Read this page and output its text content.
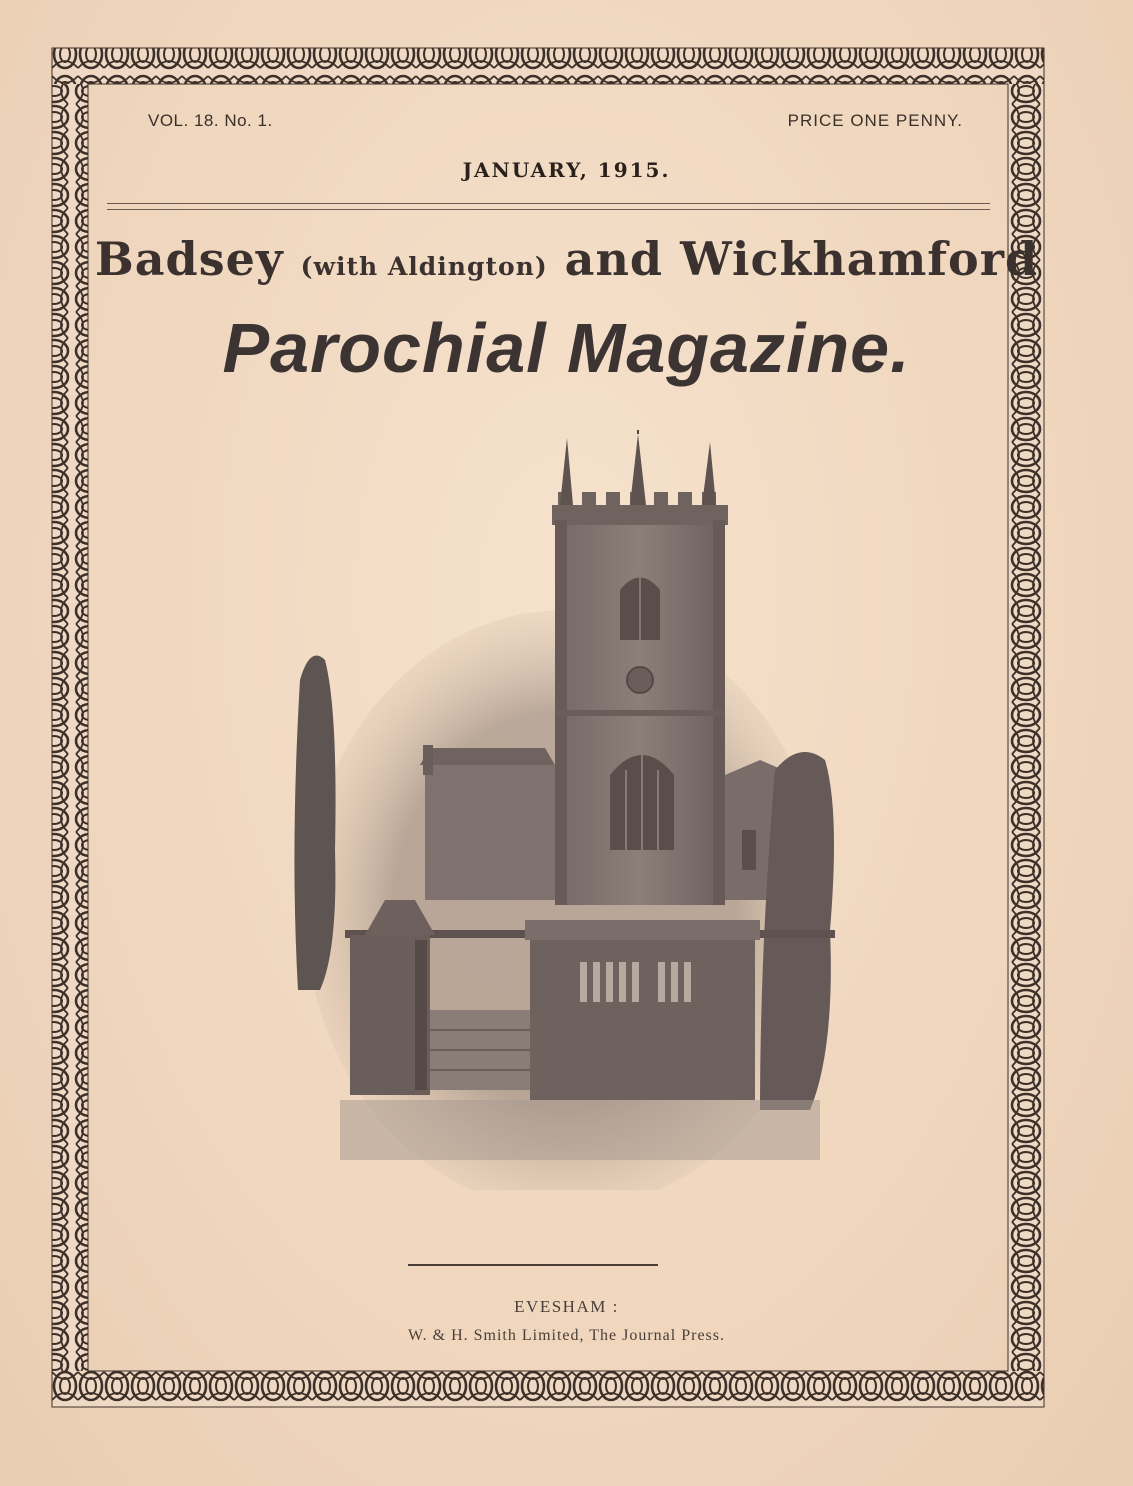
VOL. 18. No. 1.	PRICE ONE PENNY.
JANUARY, 1915.
Badsey (with Aldington) and Wickhamford
Parochial Magazine.
EVESHAM :
W. & H. Smith Limited, The Journal Press.
